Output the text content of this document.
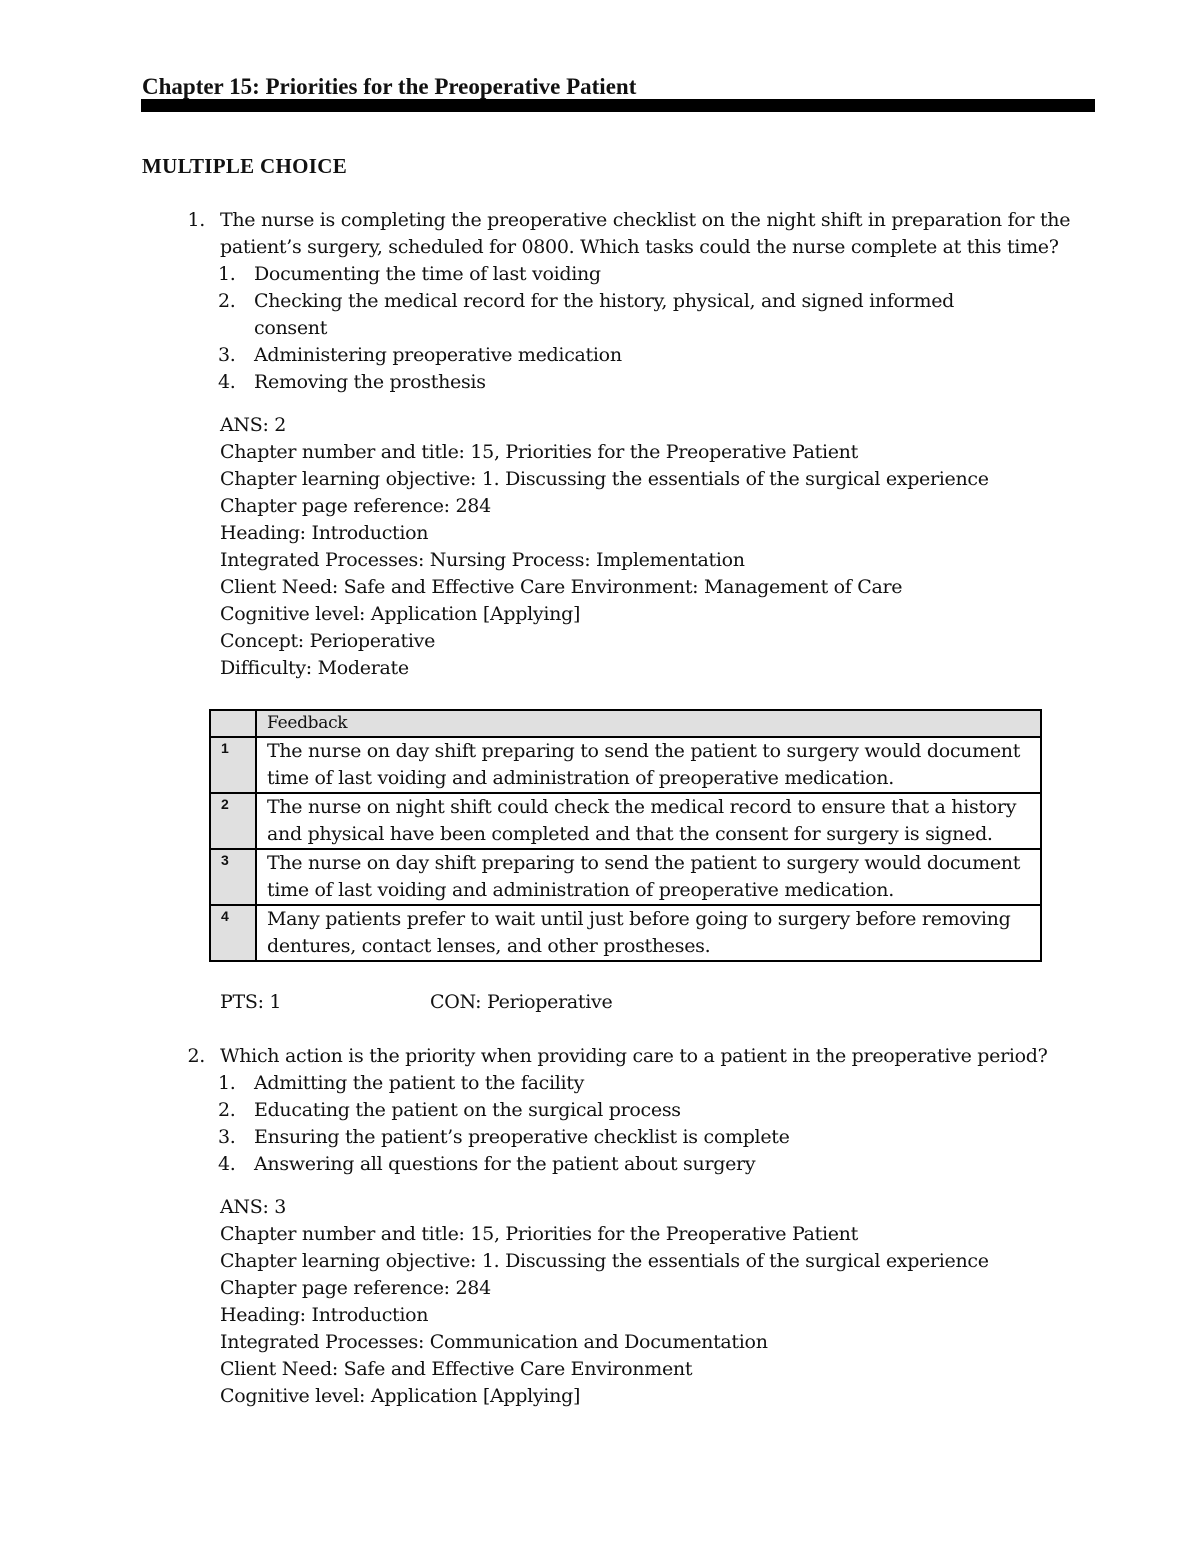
Chapter 15: Priorities for the Preoperative Patient
MULTIPLE CHOICE
1. The nurse is completing the preoperative checklist on the night shift in preparation for the
patient’s surgery, scheduled for 0800. Which tasks could the nurse complete at this time?
1. Documenting the time of last voiding
2. Checking the medical record for the history, physical, and signed informed
consent
3. Administering preoperative medication
4. Removing the prosthesis
ANS: 2
Chapter number and title: 15, Priorities for the Preoperative Patient
Chapter learning objective: 1. Discussing the essentials of the surgical experience
Chapter page reference: 284
Heading: Introduction
Integrated Processes: Nursing Process: Implementation
Client Need: Safe and Effective Care Environment: Management of Care
Cognitive level: Application [Applying]
Concept: Perioperative
Difficulty: Moderate
	Feedback
1	The nurse on day shift preparing to send the patient to surgery would document
time of last voiding and administration of preoperative medication.

2	The nurse on night shift could check the medical record to ensure that a history
and physical have been completed and that the consent for surgery is signed.

3	The nurse on day shift preparing to send the patient to surgery would document
time of last voiding and administration of preoperative medication.

4	Many patients prefer to wait until just before going to surgery before removing
dentures, contact lenses, and other prostheses.
PTS: 1	CON: Perioperative
2. Which action is the priority when providing care to a patient in the preoperative period?
1. Admitting the patient to the facility
2. Educating the patient on the surgical process
3. Ensuring the patient’s preoperative checklist is complete
4. Answering all questions for the patient about surgery
ANS: 3
Chapter number and title: 15, Priorities for the Preoperative Patient
Chapter learning objective: 1. Discussing the essentials of the surgical experience
Chapter page reference: 284
Heading: Introduction
Integrated Processes: Communication and Documentation
Client Need: Safe and Effective Care Environment
Cognitive level: Application [Applying]
